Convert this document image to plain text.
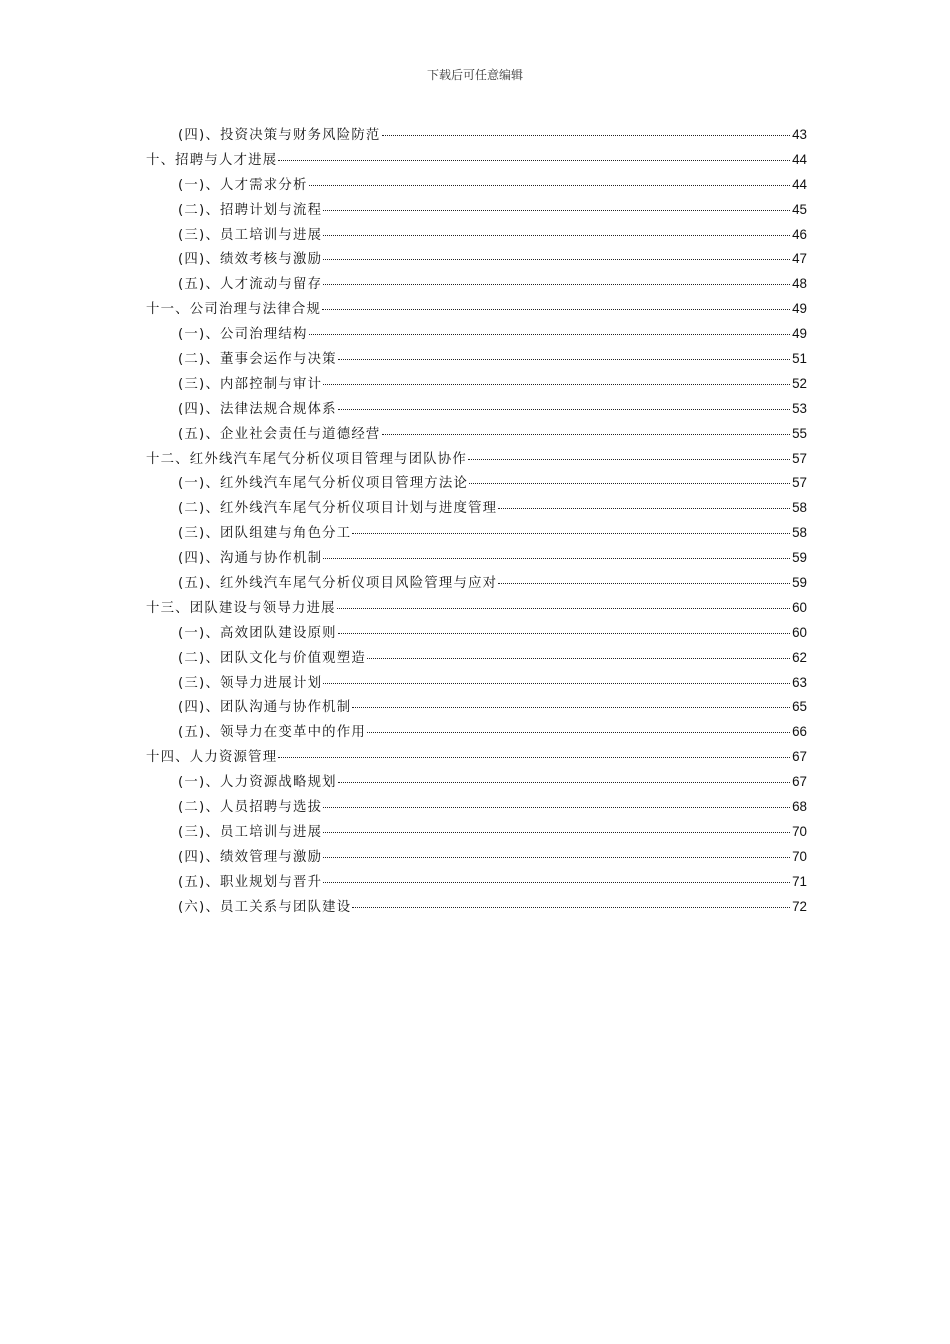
下载后可任意编辑
(四)、投资决策与财务风险防范	43
十、招聘与人才进展	44
(一)、人才需求分析	44
(二)、招聘计划与流程	45
(三)、员工培训与进展	46
(四)、绩效考核与激励	47
(五)、人才流动与留存	48
十一、公司治理与法律合规	49
(一)、公司治理结构	49
(二)、董事会运作与决策	51
(三)、内部控制与审计	52
(四)、法律法规合规体系	53
(五)、企业社会责任与道德经营	55
十二、红外线汽车尾气分析仪项目管理与团队协作	57
(一)、红外线汽车尾气分析仪项目管理方法论	57
(二)、红外线汽车尾气分析仪项目计划与进度管理	58
(三)、团队组建与角色分工	58
(四)、沟通与协作机制	59
(五)、红外线汽车尾气分析仪项目风险管理与应对	59
十三、团队建设与领导力进展	60
(一)、高效团队建设原则	60
(二)、团队文化与价值观塑造	62
(三)、领导力进展计划	63
(四)、团队沟通与协作机制	65
(五)、领导力在变革中的作用	66
十四、人力资源管理	67
(一)、人力资源战略规划	67
(二)、人员招聘与选拔	68
(三)、员工培训与进展	70
(四)、绩效管理与激励	70
(五)、职业规划与晋升	71
(六)、员工关系与团队建设	72
